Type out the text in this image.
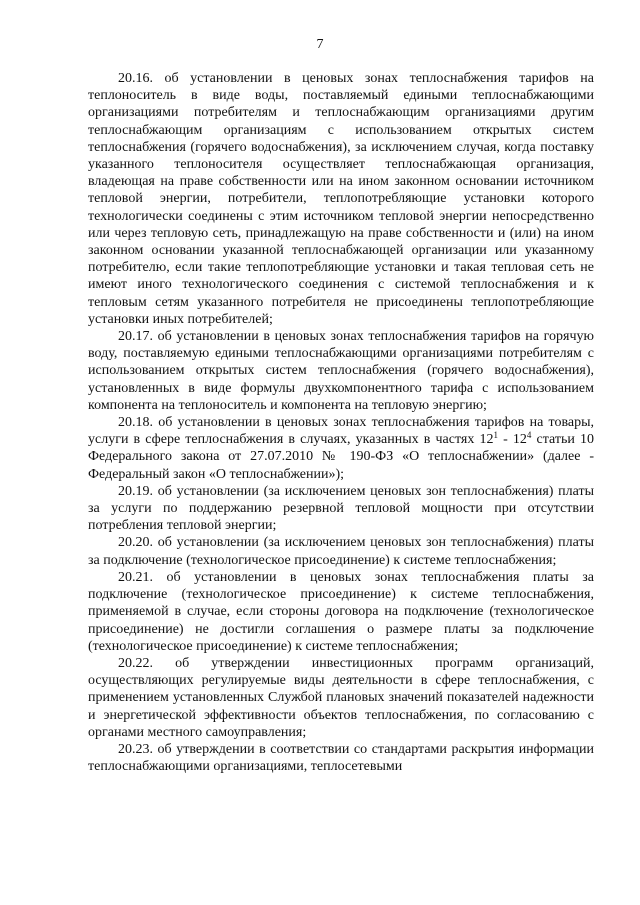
7

20.16. об установлении в ценовых зонах теплоснабжения тарифов на теплоноситель в виде воды, поставляемый едиными теплоснабжающими организациями потребителям и теплоснабжающим организациями другим теплоснабжающим организациям с использованием открытых систем теплоснабжения (горячего водоснабжения), за исключением случая, когда поставку указанного теплоносителя осуществляет теплоснабжающая организация, владеющая на праве собственности или на ином законном основании источником тепловой энергии, потребители, теплопотребляющие установки которого технологически соединены с этим источником тепловой энергии непосредственно или через тепловую сеть, принадлежащую на праве собственности и (или) на ином законном основании указанной теплоснабжающей организации или указанному потребителю, если такие теплопотребляющие установки и такая тепловая сеть не имеют иного технологического соединения с системой теплоснабжения и к тепловым сетям указанного потребителя не присоединены теплопотребляющие установки иных потребителей;

20.17. об установлении в ценовых зонах теплоснабжения тарифов на горячую воду, поставляемую едиными теплоснабжающими организациями потребителям с использованием открытых систем теплоснабжения (горячего водоснабжения), установленных в виде формулы двухкомпонентного тарифа с использованием компонента на теплоноситель и компонента на тепловую энергию;

20.18. об установлении в ценовых зонах теплоснабжения тарифов на товары, услуги в сфере теплоснабжения в случаях, указанных в частях $12^1 - 12^4$ статьи 10 Федерального закона от 27.07.2010 № 190-ФЗ «О теплоснабжении» (далее - Федеральный закон «О теплоснабжении»);

20.19. об установлении (за исключением ценовых зон теплоснабжения) платы за услуги по поддержанию резервной тепловой мощности при отсутствии потребления тепловой энергии;

20.20. об установлении (за исключением ценовых зон теплоснабжения) платы за подключение (технологическое присоединение) к системе теплоснабжения;

20.21. об установлении в ценовых зонах теплоснабжения платы за подключение (технологическое присоединение) к системе теплоснабжения, применяемой в случае, если стороны договора на подключение (технологическое присоединение) не достигли соглашения о размере платы за подключение (технологическое присоединение) к системе теплоснабжения;

20.22. об утверждении инвестиционных программ организаций, осуществляющих регулируемые виды деятельности в сфере теплоснабжения, с применением установленных Службой плановых значений показателей надежности и энергетической эффективности объектов теплоснабжения, по согласованию с органами местного самоуправления;

20.23. об утверждении в соответствии со стандартами раскрытия информации теплоснабжающими организациями, теплосетевыми
